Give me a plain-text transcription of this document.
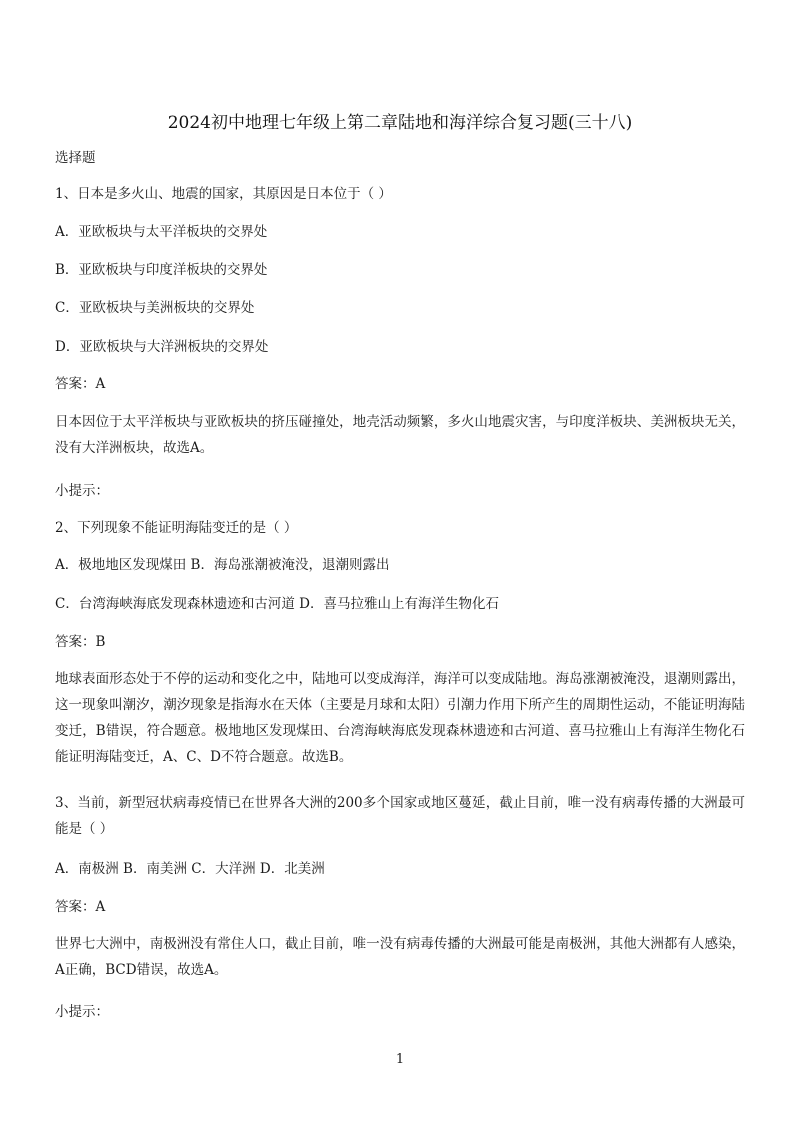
2024初中地理七年级上第二章陆地和海洋综合复习题(三十八)
选择题
1、日本是多火山、地震的国家，其原因是日本位于（ ）
A．亚欧板块与太平洋板块的交界处
B．亚欧板块与印度洋板块的交界处
C．亚欧板块与美洲板块的交界处
D．亚欧板块与大洋洲板块的交界处
答案：A
日本因位于太平洋板块与亚欧板块的挤压碰撞处，地壳活动频繁，多火山地震灾害，与印度洋板块、美洲板块无关，没有大洋洲板块，故选A。
小提示：
2、下列现象不能证明海陆变迁的是（ ）
A．极地地区发现煤田 B．海岛涨潮被淹没，退潮则露出
C．台湾海峡海底发现森林遗迹和古河道 D．喜马拉雅山上有海洋生物化石
答案：B
地球表面形态处于不停的运动和变化之中，陆地可以变成海洋，海洋可以变成陆地。海岛涨潮被淹没，退潮则露出，这一现象叫潮汐，潮汐现象是指海水在天体（主要是月球和太阳）引潮力作用下所产生的周期性运动，不能证明海陆变迁，B错误，符合题意。极地地区发现煤田、台湾海峡海底发现森林遗迹和古河道、喜马拉雅山上有海洋生物化石能证明海陆变迁，A、C、D不符合题意。故选B。
3、当前，新型冠状病毒疫情已在世界各大洲的200多个国家或地区蔓延，截止目前，唯一没有病毒传播的大洲最可能是（ ）
A．南极洲 B．南美洲 C．大洋洲 D．北美洲
答案：A
世界七大洲中，南极洲没有常住人口，截止目前，唯一没有病毒传播的大洲最可能是南极洲，其他大洲都有人感染，A正确，BCD错误，故选A。
小提示：
1
